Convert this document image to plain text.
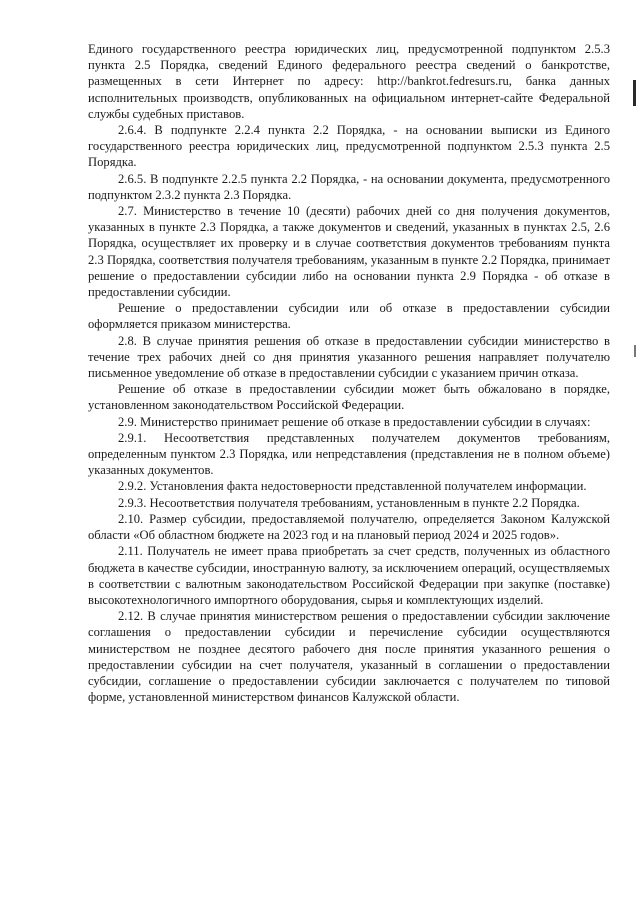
Единого государственного реестра юридических лиц, предусмотренной подпунктом 2.5.3 пункта 2.5 Порядка, сведений Единого федерального реестра сведений о банкротстве, размещенных в сети Интернет по адресу: http://bankrot.fedresurs.ru, банка данных исполнительных производств, опубликованных на официальном интернет-сайте Федеральной службы судебных приставов.

2.6.4. В подпункте 2.2.4 пункта 2.2 Порядка, - на основании выписки из Единого государственного реестра юридических лиц, предусмотренной подпунктом 2.5.3 пункта 2.5 Порядка.

2.6.5. В подпункте 2.2.5 пункта 2.2 Порядка, - на основании документа, предусмотренного подпунктом 2.3.2 пункта 2.3 Порядка.

2.7. Министерство в течение 10 (десяти) рабочих дней со дня получения документов, указанных в пункте 2.3 Порядка, а также документов и сведений, указанных в пунктах 2.5, 2.6 Порядка, осуществляет их проверку и в случае соответствия документов требованиям пункта 2.3 Порядка, соответствия получателя требованиям, указанным в пункте 2.2 Порядка, принимает решение о предоставлении субсидии либо на основании пункта 2.9 Порядка - об отказе в предоставлении субсидии.

Решение о предоставлении субсидии или об отказе в предоставлении субсидии оформляется приказом министерства.

2.8. В случае принятия решения об отказе в предоставлении субсидии министерство в течение трех рабочих дней со дня принятия указанного решения направляет получателю письменное уведомление об отказе в предоставлении субсидии с указанием причин отказа.

Решение об отказе в предоставлении субсидии может быть обжаловано в порядке, установленном законодательством Российской Федерации.

2.9. Министерство принимает решение об отказе в предоставлении субсидии в случаях:

2.9.1. Несоответствия представленных получателем документов требованиям, определенным пунктом 2.3 Порядка, или непредставления (представления не в полном объеме) указанных документов.

2.9.2. Установления факта недостоверности представленной получателем информации.

2.9.3. Несоответствия получателя требованиям, установленным в пункте 2.2 Порядка.

2.10. Размер субсидии, предоставляемой получателю, определяется Законом Калужской области «Об областном бюджете на 2023 год и на плановый период 2024 и 2025 годов».

2.11. Получатель не имеет права приобретать за счет средств, полученных из областного бюджета в качестве субсидии, иностранную валюту, за исключением операций, осуществляемых в соответствии с валютным законодательством Российской Федерации при закупке (поставке) высокотехнологичного импортного оборудования, сырья и комплектующих изделий.

2.12. В случае принятия министерством решения о предоставлении субсидии заключение соглашения о предоставлении субсидии и перечисление субсидии осуществляются министерством не позднее десятого рабочего дня после принятия указанного решения о предоставлении субсидии на счет получателя, указанный в соглашении о предоставлении субсидии, соглашение о предоставлении субсидии заключается с получателем по типовой форме, установленной министерством финансов Калужской области.
